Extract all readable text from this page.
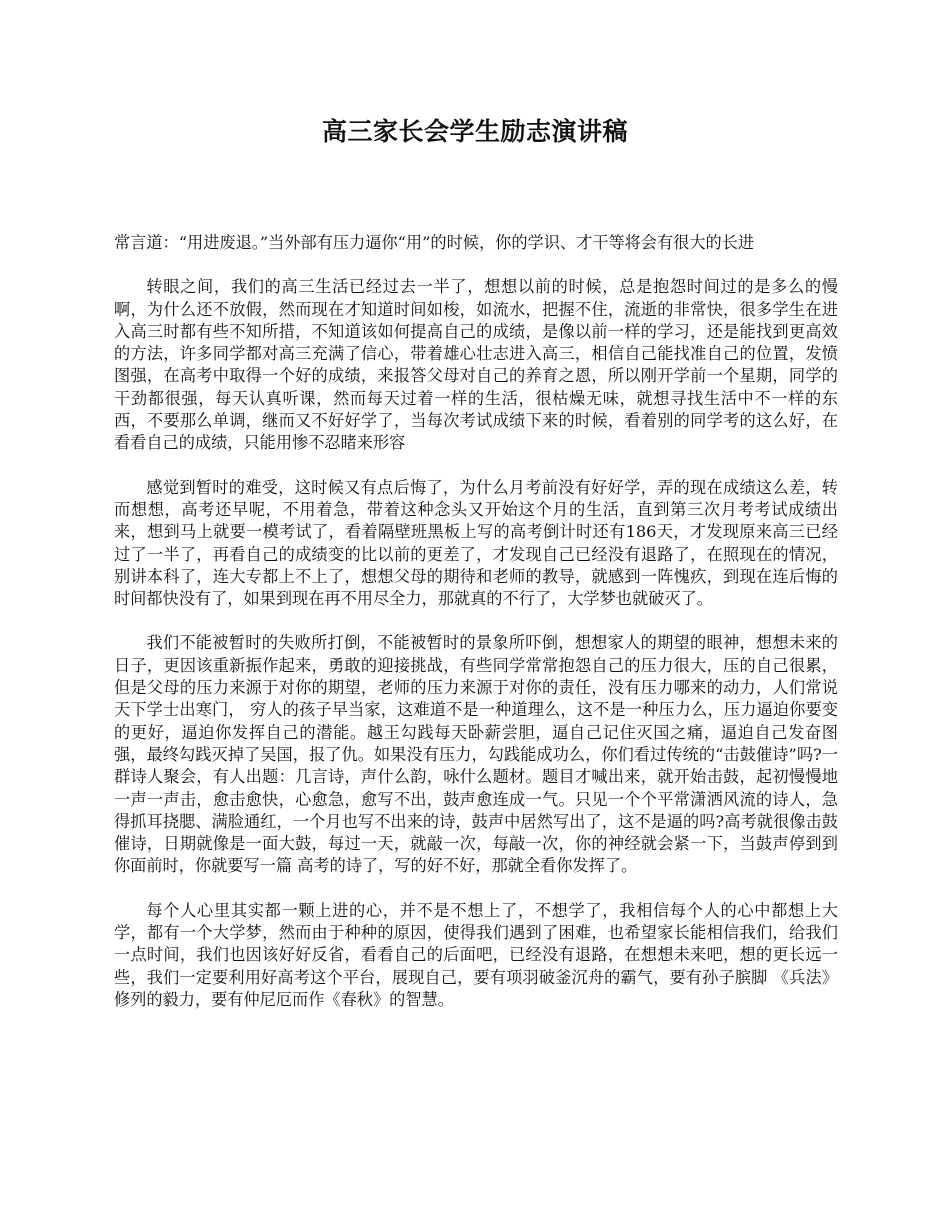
高三家长会学生励志演讲稿

常言道：“用进废退。”当外部有压力逼你“用”的时候，你的学识、才干等将会有很大的长进

转眼之间，我们的高三生活已经过去一半了，想想以前的时候，总是抱怨时间过的是多么的慢啊，为什么还不放假，然而现在才知道时间如梭，如流水，把握不住，流逝的非常快，很多学生在进入高三时都有些不知所措，不知道该如何提高自己的成绩，是像以前一样的学习，还是能找到更高效的方法，许多同学都对高三充满了信心，带着雄心壮志进入高三，相信自己能找准自己的位置，发愤图强，在高考中取得一个好的成绩，来报答父母对自己的养育之恩，所以刚开学前一个星期，同学的干劲都很强，每天认真听课，然而每天过着一样的生活，很枯燥无味，就想寻找生活中不一样的东西，不要那么单调，继而又不好好学了，当每次考试成绩下来的时候，看着别的同学考的这么好，在看看自己的成绩，只能用惨不忍睹来形容

感觉到暂时的难受，这时候又有点后悔了，为什么月考前没有好好学，弄的现在成绩这么差，转而想想，高考还早呢，不用着急，带着这种念头又开始这个月的生活，直到第三次月考考试成绩出来，想到马上就要一模考试了，看着隔壁班黑板上写的高考倒计时还有186天，才发现原来高三已经过了一半了，再看自己的成绩变的比以前的更差了，才发现自己已经没有退路了，在照现在的情况，别讲本科了，连大专都上不上了，想想父母的期待和老师的教导，就感到一阵愧疚，到现在连后悔的时间都快没有了，如果到现在再不用尽全力，那就真的不行了，大学梦也就破灭了。

我们不能被暂时的失败所打倒，不能被暂时的景象所吓倒，想想家人的期望的眼神，想想未来的日子，更因该重新振作起来，勇敢的迎接挑战，有些同学常常抱怨自己的压力很大，压的自己很累，但是父母的压力来源于对你的期望，老师的压力来源于对你的责任，没有压力哪来的动力，人们常说 天下学士出寒门， 穷人的孩子早当家，这难道不是一种道理么，这不是一种压力么，压力逼迫你要变的更好，逼迫你发挥自己的潜能。越王勾践每天卧薪尝胆，逼自己记住灭国之痛，逼迫自己发奋图强，最终勾践灭掉了吴国，报了仇。如果没有压力，勾践能成功么，你们看过传统的“击鼓催诗”吗?一群诗人聚会，有人出题：几言诗，声什么韵，咏什么题材。题目才喊出来，就开始击鼓，起初慢慢地一声一声击，愈击愈快，心愈急，愈写不出，鼓声愈连成一气。只见一个个平常潇洒风流的诗人，急得抓耳挠腮、满脸通红，一个月也写不出来的诗，鼓声中居然写出了，这不是逼的吗?高考就很像击鼓催诗，日期就像是一面大鼓，每过一天，就敲一次，每敲一次，你的神经就会紧一下，当鼓声停到到你面前时，你就要写一篇 高考的诗了，写的好不好，那就全看你发挥了。

每个人心里其实都一颗上进的心，并不是不想上了，不想学了，我相信每个人的心中都想上大学，都有一个大学梦，然而由于种种的原因，使得我们遇到了困难，也希望家长能相信我们，给我们一点时间，我们也因该好好反省，看看自己的后面吧，已经没有退路，在想想未来吧，想的更长远一些，我们一定要利用好高考这个平台，展现自己，要有项羽破釜沉舟的霸气，要有孙子膑脚 《兵法》修列的毅力，要有仲尼厄而作《春秋》的智慧。
